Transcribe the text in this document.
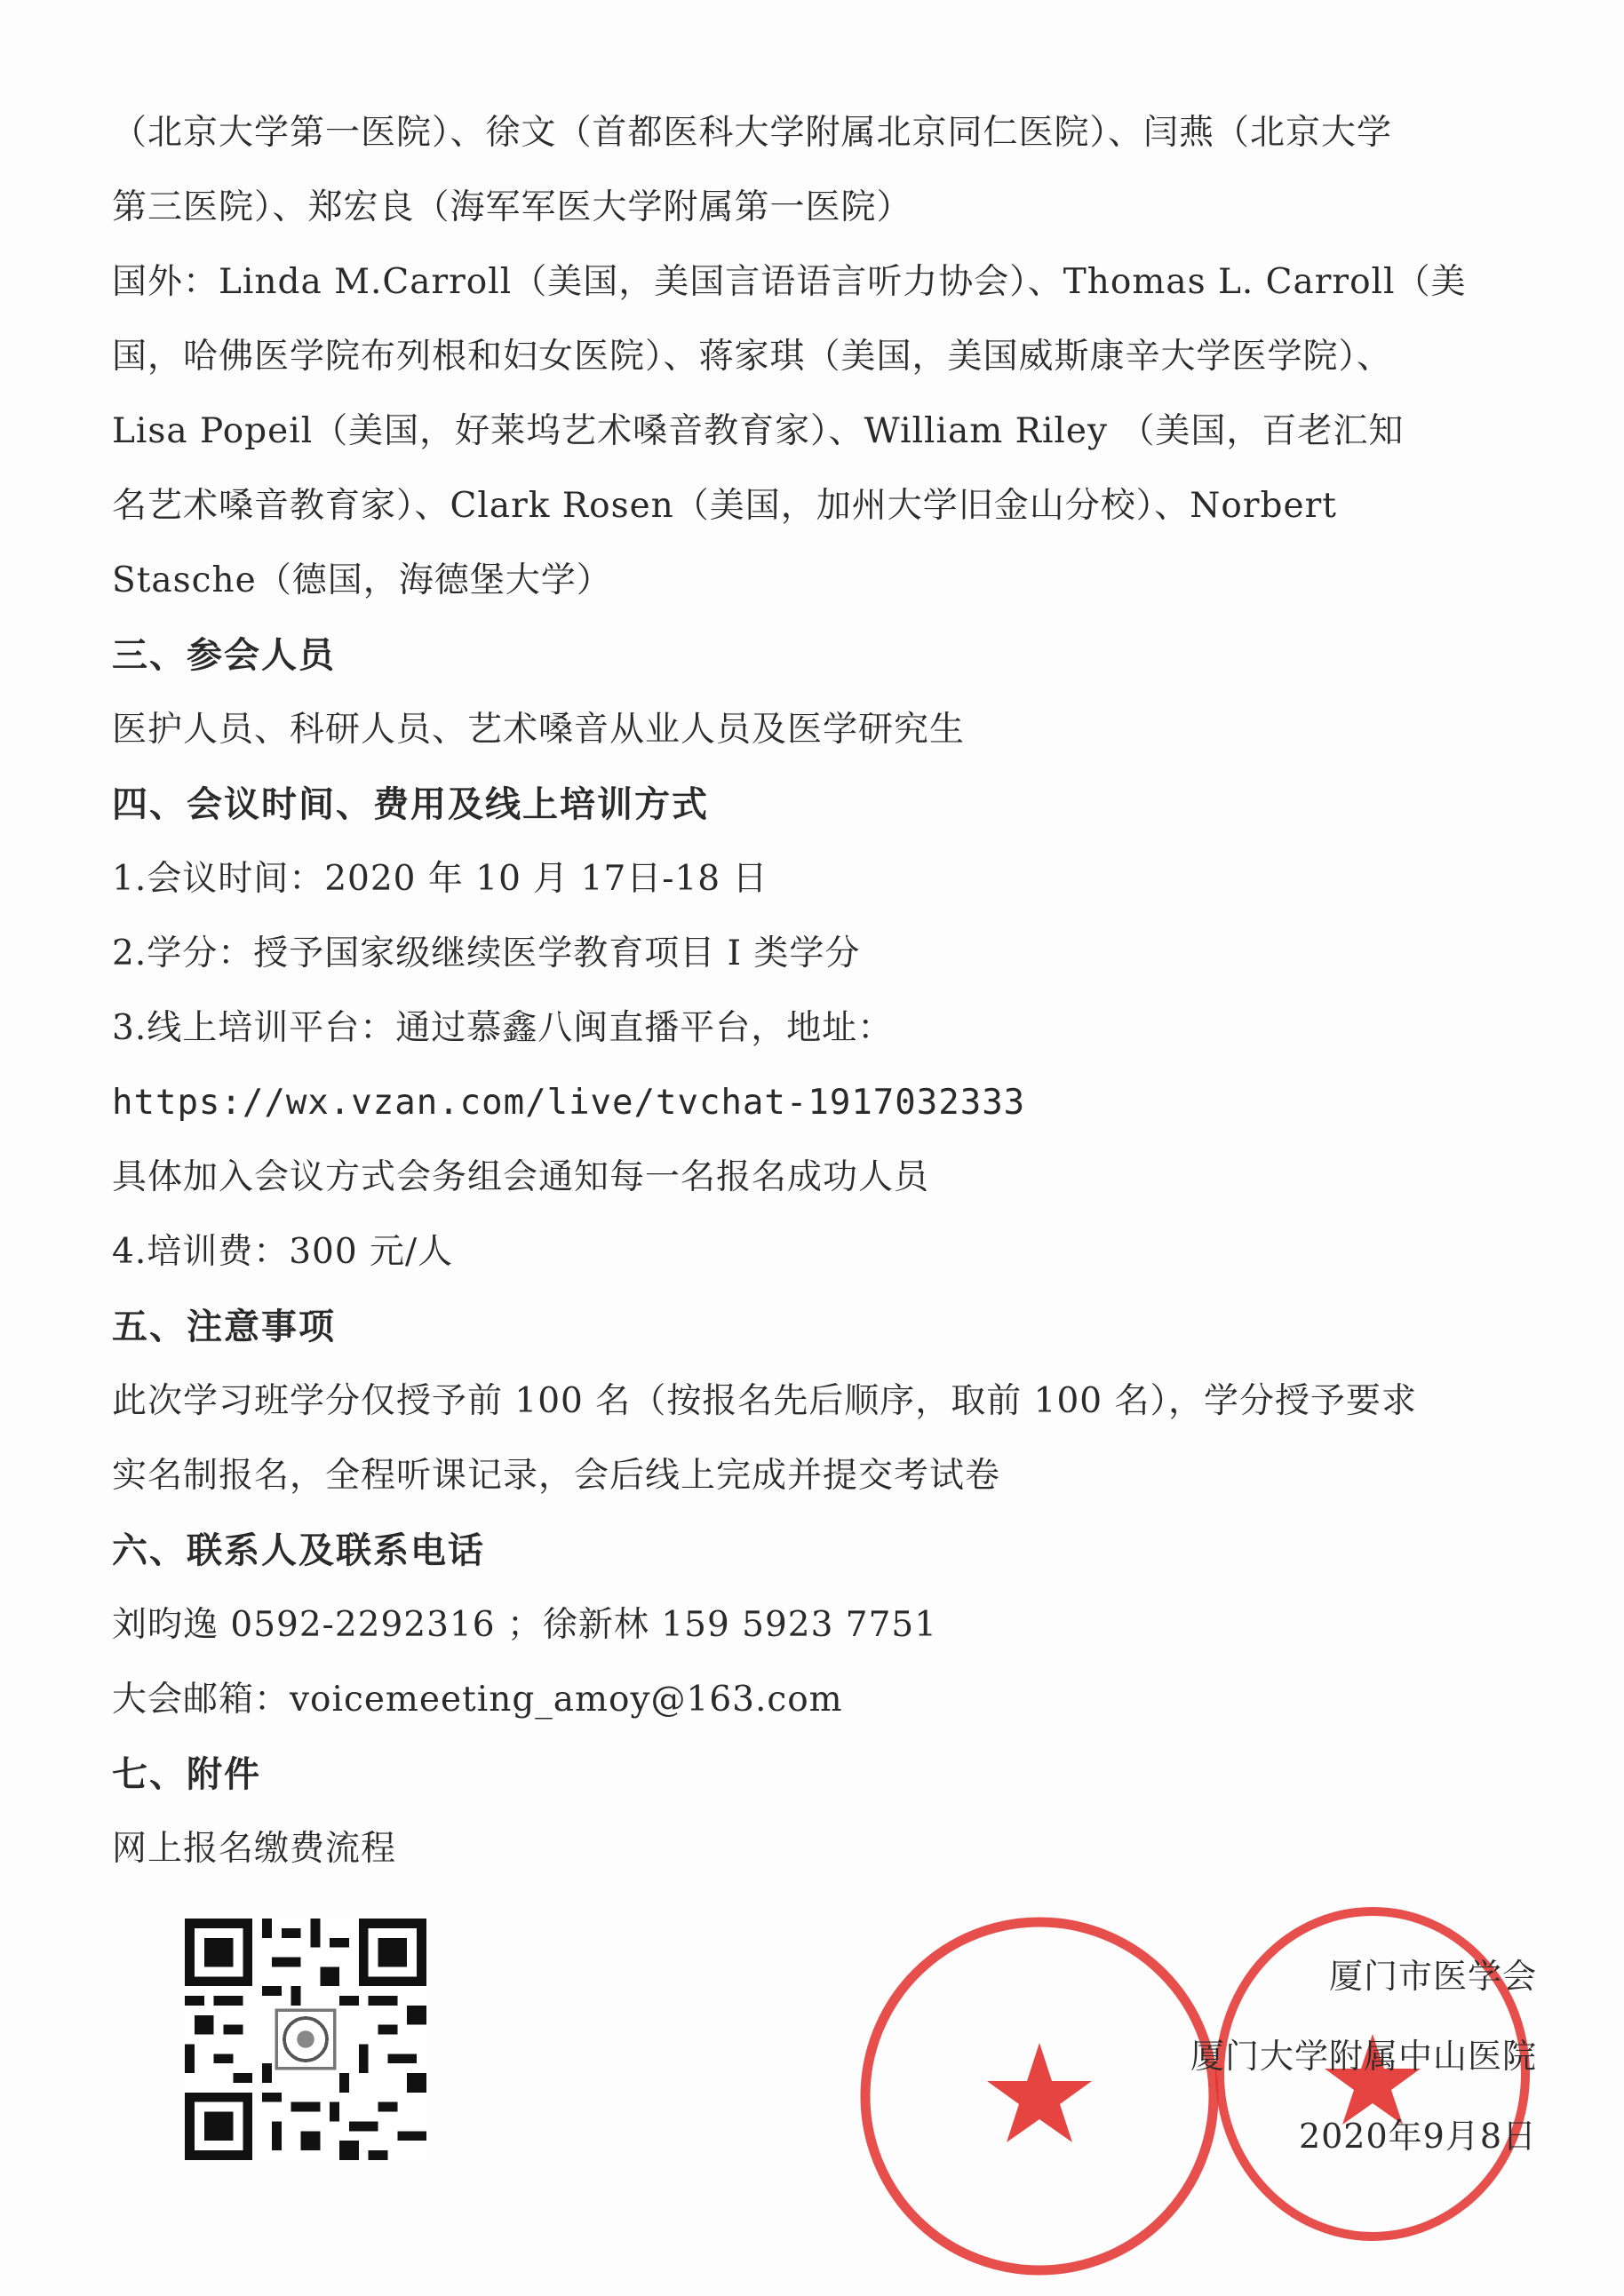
（北京大学第一医院）、徐文（首都医科大学附属北京同仁医院）、闫燕（北京大学

第三医院）、郑宏良（海军军医大学附属第一医院）

国外：Linda M.Carroll（美国，美国言语语言听力协会）、Thomas L. Carroll（美

国，哈佛医学院布列根和妇女医院）、蒋家琪（美国，美国威斯康辛大学医学院）、

Lisa Popeil（美国，好莱坞艺术嗓音教育家）、William Riley （美国，百老汇知

名艺术嗓音教育家）、Clark Rosen（美国，加州大学旧金山分校）、Norbert

Stasche（德国，海德堡大学）

三、参会人员

医护人员、科研人员、艺术嗓音从业人员及医学研究生

四、会议时间、费用及线上培训方式

1.会议时间：2020 年 10 月 17日-18 日

2.学分：授予国家级继续医学教育项目 I 类学分

3.线上培训平台：通过慕鑫八闽直播平台，地址：

https://wx.vzan.com/live/tvchat-1917032333

具体加入会议方式会务组会通知每一名报名成功人员

4.培训费：300 元/人

五、注意事项

此次学习班学分仅授予前 100 名（按报名先后顺序，取前 100 名），学分授予要求

实名制报名，全程听课记录，会后线上完成并提交考试卷

六、联系人及联系电话

刘昀逸 0592-2292316 ；徐新林 159 5923 7751

大会邮箱：voicemeeting_amoy@163.com

七、附件

网上报名缴费流程

厦门市医学会
厦门大学附属中山医院
2020年9月8日
